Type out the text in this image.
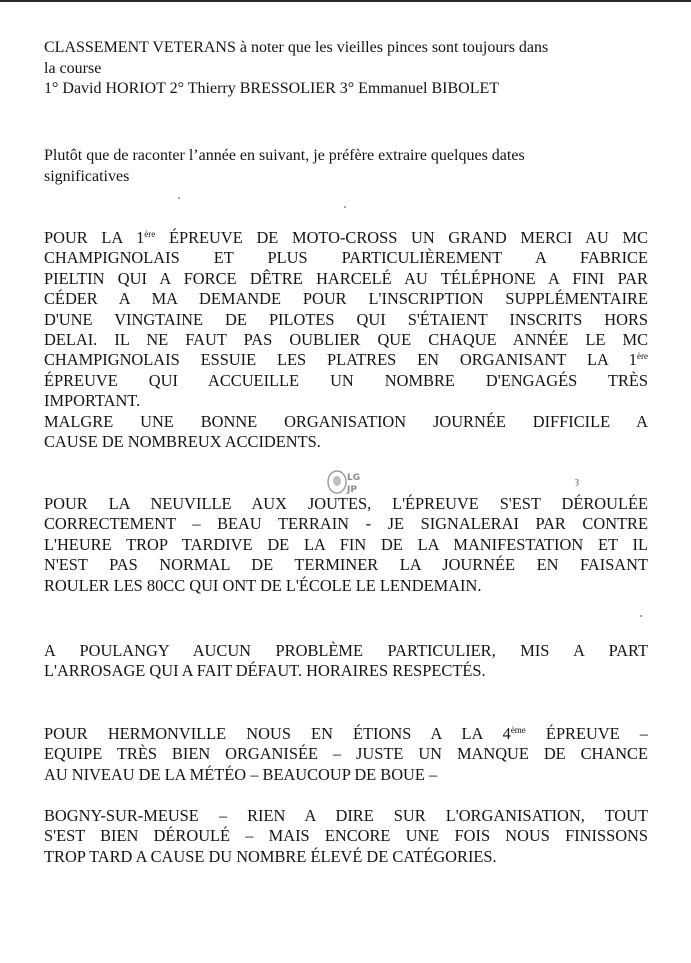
CLASSEMENT VETERANS à noter que les vieilles pinces sont toujours dans
la course
1° David HORIOT 2° Thierry BRESSOLIER 3° Emmanuel BIBOLET
Plutôt que de raconter l’année en suivant, je préfère extraire quelques dates
significatives
POUR LA 1ère ÉPREUVE DE MOTO-CROSS UN GRAND MERCI AU MC
CHAMPIGNOLAIS ET PLUS PARTICULIÈREMENT A FABRICE
PIELTIN QUI A FORCE DÊTRE HARCELÉ AU TÉLÉPHONE A FINI PAR
CÉDER A MA DEMANDE POUR L'INSCRIPTION SUPPLÉMENTAIRE
D'UNE VINGTAINE DE PILOTES QUI S'ÉTAIENT INSCRITS HORS
DELAI. IL NE FAUT PAS OUBLIER QUE CHAQUE ANNÉE LE MC
CHAMPIGNOLAIS ESSUIE LES PLATRES EN ORGANISANT LA 1ère
ÉPREUVE QUI ACCUEILLE UN NOMBRE D'ENGAGÉS TRÈS
IMPORTANT.
MALGRE UNE BONNE ORGANISATION JOURNÉE DIFFICILE A
CAUSE DE NOMBREUX ACCIDENTS.
LG
JP
ȝ
POUR LA NEUVILLE AUX JOUTES, L'ÉPREUVE S'EST DÉROULÉE
CORRECTEMENT – BEAU TERRAIN - JE SIGNALERAI PAR CONTRE
L'HEURE TROP TARDIVE DE LA FIN DE LA MANIFESTATION ET IL
N'EST PAS NORMAL DE TERMINER LA JOURNÉE EN FAISANT
ROULER LES 80CC QUI ONT DE L'ÉCOLE LE LENDEMAIN.
A POULANGY AUCUN PROBLÈME PARTICULIER, MIS A PART
L'ARROSAGE QUI A FAIT DÉFAUT. HORAIRES RESPECTÉS.
POUR HERMONVILLE NOUS EN ÉTIONS A LA 4ème ÉPREUVE –
EQUIPE TRÈS BIEN ORGANISÉE – JUSTE UN MANQUE DE CHANCE
AU NIVEAU DE LA MÉTÉO – BEAUCOUP DE BOUE –
BOGNY-SUR-MEUSE – RIEN A DIRE SUR L'ORGANISATION, TOUT
S'EST BIEN DÉROULÉ – MAIS ENCORE UNE FOIS NOUS FINISSONS
TROP TARD A CAUSE DU NOMBRE ÉLEVÉ DE CATÉGORIES.
